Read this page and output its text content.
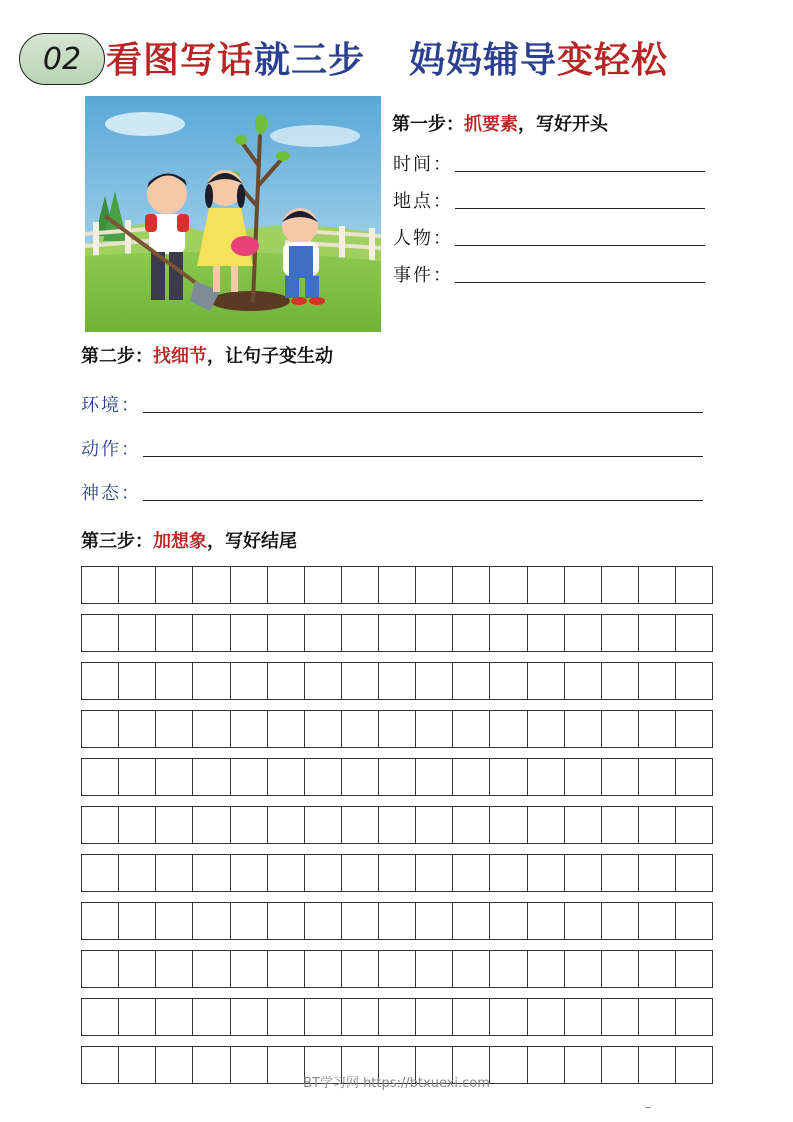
02 看图写话就三步 妈妈辅导变轻松
第一步：抓要素，写好开头
时间：
地点：
人物：
事件：
第二步：找细节，让句子变生动
环境：
动作：
神态：
第三步：加想象，写好结尾
BT学习网 https://btxuexi.com
–
